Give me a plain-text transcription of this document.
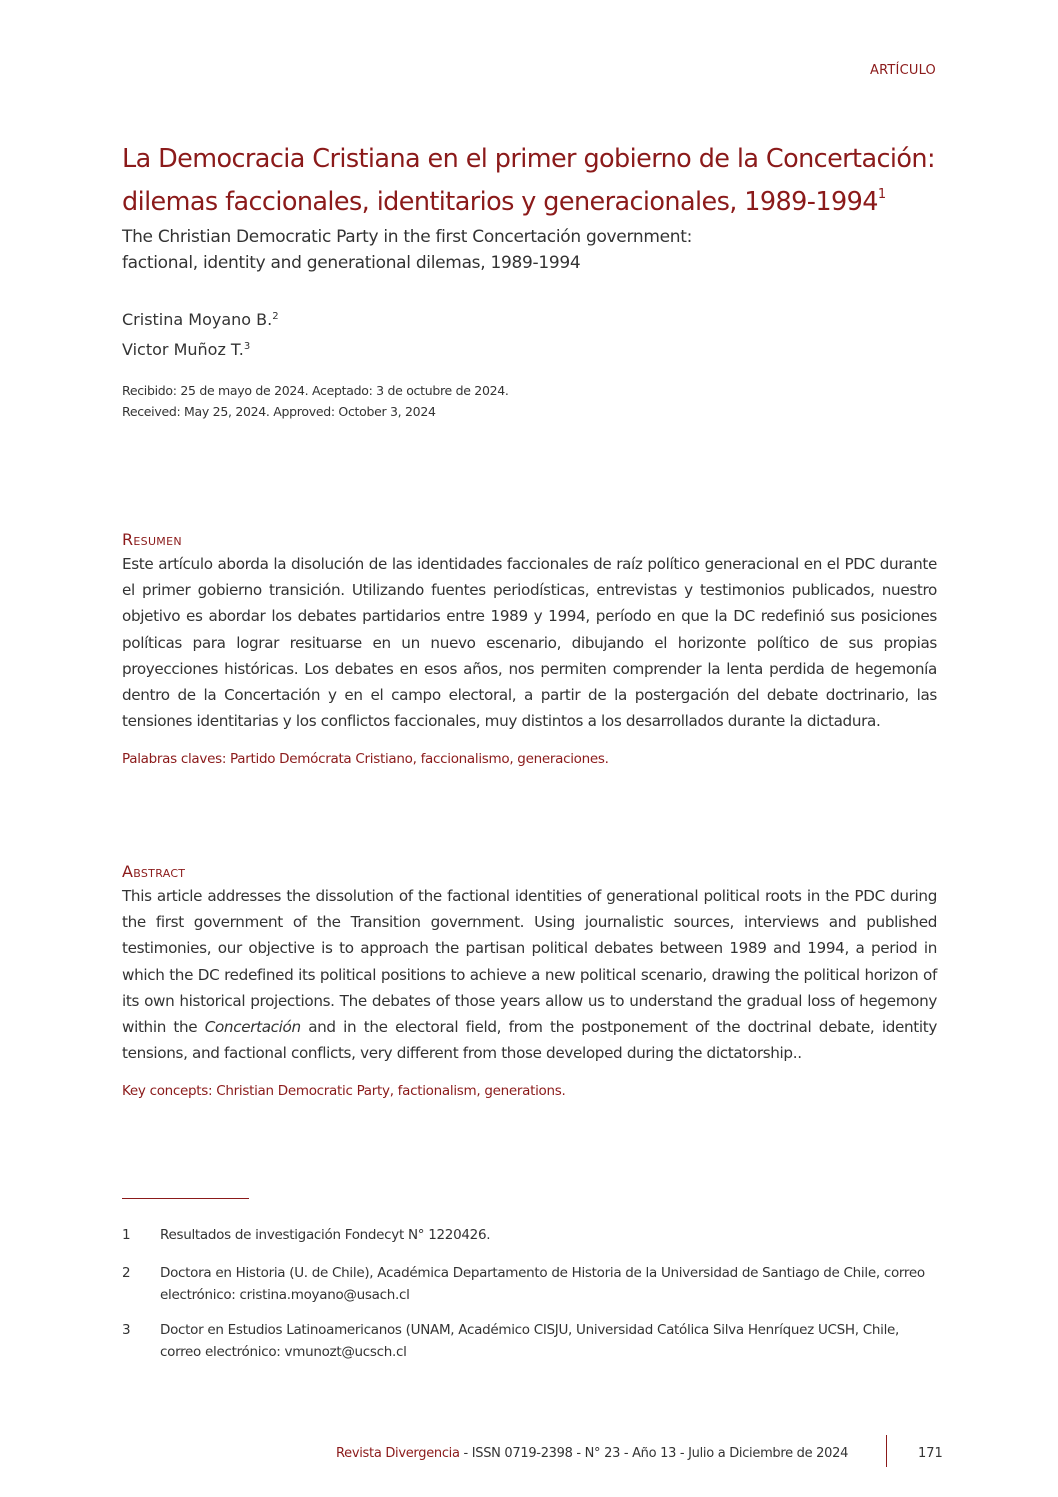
ARTÍCULO
La Democracia Cristiana en el primer gobierno de la Concertación:
dilemas faccionales, identitarios y generacionales, 1989-1994$^1$
The Christian Democratic Party in the first Concertación government:
factional, identity and generational dilemas, 1989-1994
Cristina Moyano B.$^2$
Victor Muñoz T.$^3$
Recibido: 25 de mayo de 2024. Aceptado: 3 de octubre de 2024.
Received: May 25, 2024. Approved: October 3, 2024
Resumen

Este artículo aborda la disolución de las identidades faccionales de raíz político generacional en el PDC durante el primer gobierno transición. Utilizando fuentes periodísticas, entrevistas y testimonios publicados, nuestro objetivo es abordar los debates partidarios entre 1989 y 1994, período en que la DC redefinió sus posiciones políticas para lograr resituarse en un nuevo escenario, dibujando el horizonte político de sus propias proyecciones históricas. Los debates en esos años, nos permiten comprender la lenta perdida de hegemonía dentro de la Concertación y en el campo electoral, a partir de la postergación del debate doctrinario, las tensiones identitarias y los conflictos faccionales, muy distintos a los desarrollados durante la dictadura.

Palabras claves: Partido Demócrata Cristiano, faccionalismo, generaciones.

Abstract

This article addresses the dissolution of the factional identities of generational political roots in the PDC during the first government of the Transition government. Using journalistic sources, interviews and published testimonies, our objective is to approach the partisan political debates between 1989 and 1994, a period in which the DC redefined its political positions to achieve a new political scenario, drawing the political horizon of its own historical projections. The debates of those years allow us to understand the gradual loss of hegemony within the Concertación and in the electoral field, from the postponement of the doctrinal debate, identity tensions, and factional conflicts, very different from those developed during the dictatorship..

Key concepts: Christian Democratic Party, factionalism, generations.

1 Resultados de investigación Fondecyt N° 1220426.
2 Doctora en Historia (U. de Chile), Académica Departamento de Historia de la Universidad de Santiago de Chile, correo electrónico: cristina.moyano@usach.cl
3 Doctor en Estudios Latinoamericanos (UNAM, Académico CISJU, Universidad Católica Silva Henríquez UCSH, Chile, correo electrónico: vmunozt@ucsch.cl
Revista Divergencia - ISSN 0719-2398 - N° 23 - Año 13 - Julio a Diciembre de 2024	171
